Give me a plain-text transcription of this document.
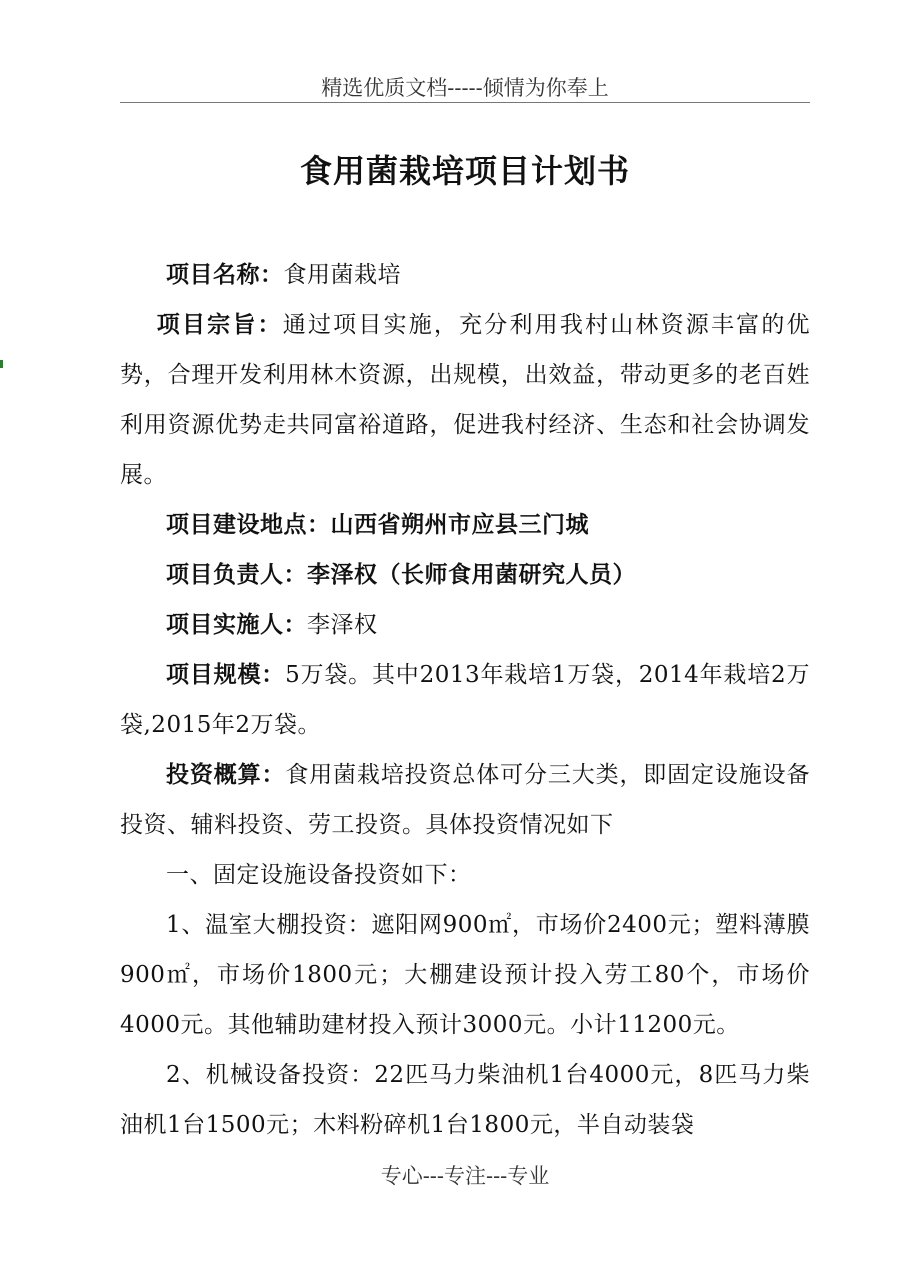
精选优质文档-----倾情为你奉上
食用菌栽培项目计划书

项目名称：食用菌栽培

项目宗旨：通过项目实施，充分利用我村山林资源丰富的优势，合理开发利用林木资源，出规模，出效益，带动更多的老百姓利用资源优势走共同富裕道路，促进我村经济、生态和社会协调发展。

项目建设地点：山西省朔州市应县三门城

项目负责人：李泽权（长师食用菌研究人员）

项目实施人：李泽权

项目规模：5万袋。其中2013年栽培1万袋，2014年栽培2万袋,2015年2万袋。

投资概算：食用菌栽培投资总体可分三大类，即固定设施设备投资、辅料投资、劳工投资。具体投资情况如下

一、固定设施设备投资如下：

1、温室大棚投资：遮阳网900㎡，市场价2400元；塑料薄膜900㎡，市场价1800元；大棚建设预计投入劳工80个，市场价4000元。其他辅助建材投入预计3000元。小计11200元。

2、机械设备投资：22匹马力柴油机1台4000元，8匹马力柴油机1台1500元；木料粉碎机1台1800元，半自动装袋

专心---专注---专业
